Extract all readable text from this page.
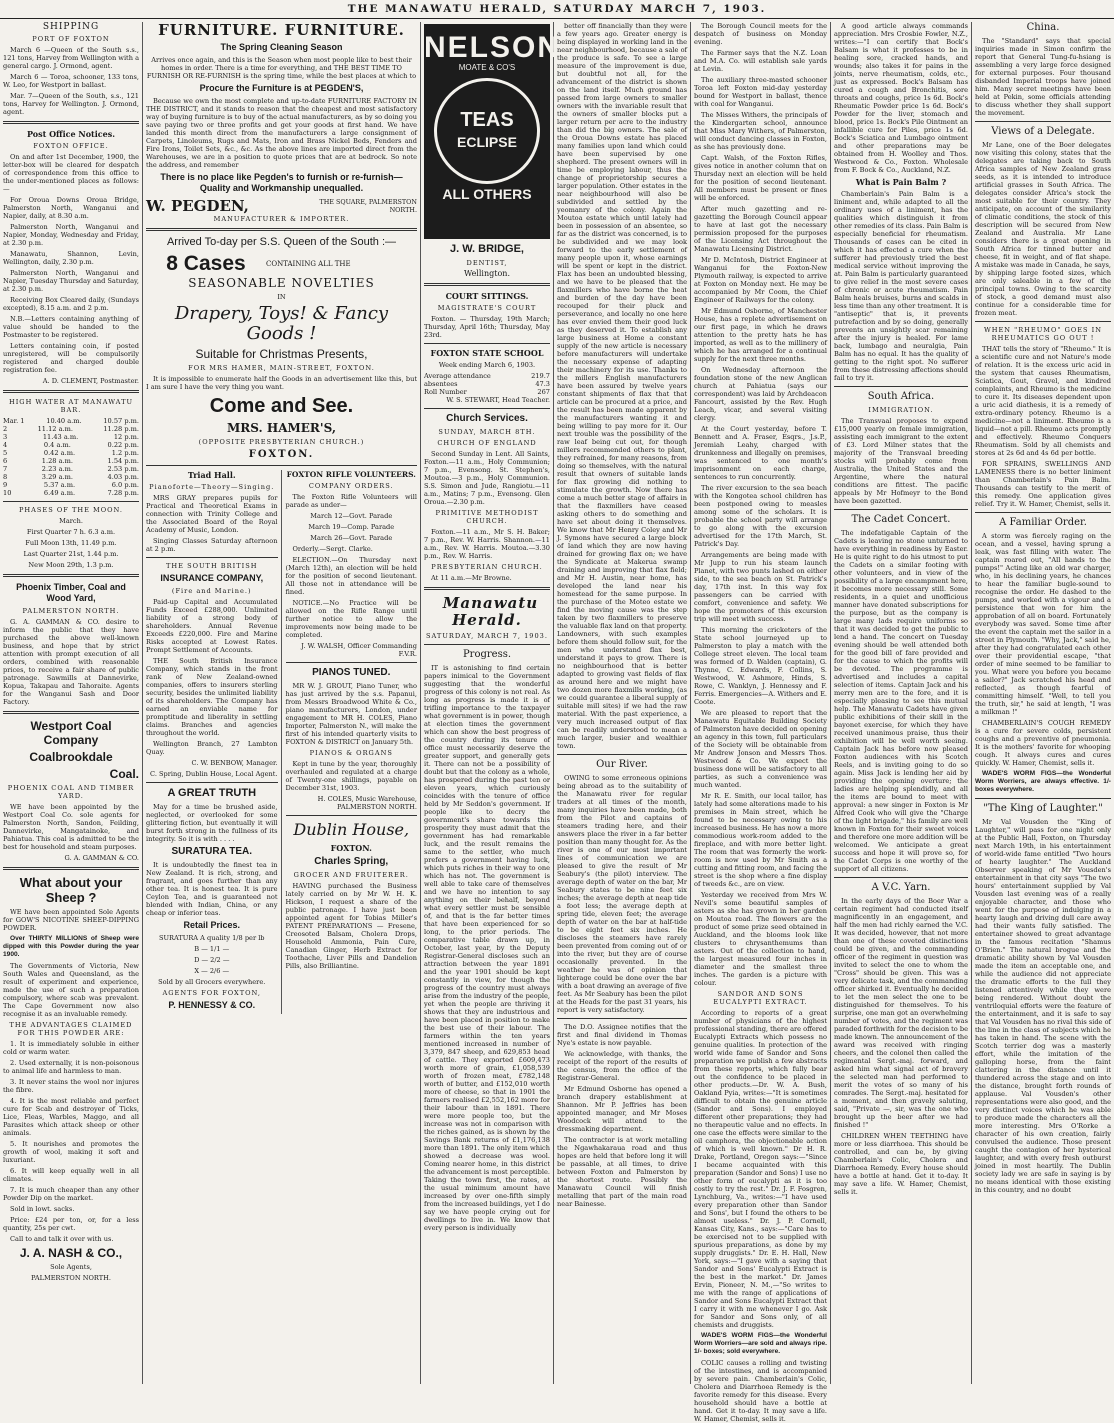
THE MANAWATU HERALD, SATURDAY MARCH 7, 1903.

SHIPPING

PORT OF FOXTON

March 6 —Queen of the South s.s., 121 tons, Harvey from Wellington with a general cargo. J. Ormond, agent.

March 6 — Toroa, schooner, 133 tons, W. Leo, for Westport in ballast.

Mar. 7—Queen of the South, s.s., 121 tons, Harvey for Wellington. J. Ormond, agent.

Post Office Notices.

FOXTON OFFICE.

On and after 1st December, 1900, the letter-box will be cleared for despatch of correspondence from this office to the under-mentioned places as follows:—

For Oroua Downs Oroua Bridge, Palmerston North, Wanganui and Napier, daily, at 8.30 a.m.

Palmerston North, Wanganui and Napier, Monday, Wednesday and Friday, at 2.30 p.m.

Manawatu, Shannon, Levin, Wellington, daily, 2.30 p.m.

Palmerston North, Wanganui and Napier, Tuesday Thursday and Saturday, at 2.30 p.m.

Receiving Box Cleared daily, (Sundays excepted), 8.15 a.m. and 2 p.m.

N.B.—Letters containing anything of value should be handed to the Postmaster to be registered.

Letters containing coin, if posted unregistered, will be compulsorily registered and charged double registration fee.

A. D. CLEMENT, Postmaster.

HIGH WATER AT MANAWATU BAR.

Mar. 1	10.40 a.m.	10.57 p.m.
2	11.12 a.m.	11.28 p.m.
3	11.43 a.m.	12 p.m.
4	0.4 a.m.	0.22 p.m.
5	0.42 a.m.	1.2 p.m.
6	1.28 a.m.	1.54 p.m.
7	2.23 a.m.	2.53 p.m.
8	3.29 a.m.	4.03 p.m.
9	5.37 a.m.	6.0 p.m.
10	6.49 a.m.	7.28 p.m.

PHASES OF THE MOON.

March.

First Quarter 7 h. 6.3 a.m.

Full Moon 13th, 11.49 p.m.

Last Quarter 21st, 1.44 p.m.

New Moon 29th, 1.3 p.m.

Phoenix Timber, Coal and Wood Yard,

PALMERSTON NORTH.

G. A. GAMMAN & CO. desire to inform the public that they have purchased the above well-known business, and hope that by strict attention with prompt execution of all orders, combined with reasonable prices, to receive a fair share of public patronage. Sawmills at Dannevirke, Kopua, Takapau and Tahoraite. Agents for the Wanganui Sash and Door Factory.

Westport Coal Company

Coalbrookdale

Coal.

PHOENIX COAL AND TIMBER YARD.

WE have been appointed by the Westport Coal Co. sole agents for Palmerston North, Sandon, Feilding, Dannevirke, Mangatainoke, and Pahiatua. This coal is admitted to be the best for household and steam purposes.

G. A. GAMMAN & CO.

What about your Sheep ?

WE have been appointed Sole Agents for GOW'S NICOTINE SHEEP-DIPPING POWDER.

Over THIRTY MILLIONS of Sheep were dipped with this Powder during the year 1900.

The Governments of Victoria, New South Wales and Queensland, as the result of experiment and experience, made the use of such a preparation compulsory, where scab was prevalent. The Cape Government now also recognise it as an invaluable remedy.

THE ADVANTAGES CLAIMED FOR THIS POWDER ARE:

1. It is immediately soluble in either cold or warm water.

2. Used externally, it is non-poisonous to animal life and harmless to man.

3. It never stains the wool nor injures the fibre.

4. It is the most reliable and perfect cure for Scab and destroyer of Ticks, Lice, Fleas, Warbles, Maggo, and all Parasites which attack sheep or other animals.

5. It nourishes and promotes the growth of wool, making it soft and luxuriant.

6. It will keep equally well in all climates.

7. It is much cheaper than any other Powder Dip on the market.

Sold in lowt. sacks.

Price: £24 per ton, or, for a less quantity, 25s per cwt.

Call to and talk it over with us.

J. A. NASH & CO.,

Sole Agents,

PALMERSTON NORTH.

FURNITURE. FURNITURE.

The Spring Cleaning Season

Arrives once again, and this is the Season when most people like to best their homes in order. There is a time for everything, and THE BEST TIME TO FURNISH OR RE-FURNISH is the spring time, while the best places at which to

Procure the Furniture is at PEGDEN'S,

Because we own the most complete and up-to-date FURNITURE FACTORY IN THE DISTRICT, and it stands to reason that the cheapest and most satisfactory way of buying furniture is to buy of the actual manufacturers, as by so doing you save paying two or three profits and get your goods at first hand. We have landed this month direct from the manufacturers a large consignment of Carpets, Linoleums, Rugs and Mats, Iron and Brass Nickel Beds, Fenders and Fire Irons, Toilet Sets, &c., &c. As the above lines are imported direct from the Warehouses, we are in a position to quote prices that are at bedrock. So note the address, and remember

There is no place like Pegden's to furnish or re-furnish—Quality and Workmanship unequalled.

W. PEGDEN,	THE SQUARE, PALMERSTON NORTH.

MANUFACTURER & IMPORTER.

Arrived To-day per S.S. Queen of the South :—

8 Cases	CONTAINING ALL THE

SEASONABLE NOVELTIES

IN

Drapery, Toys! & Fancy Goods !

Suitable for Christmas Presents,

FOR MRS HAMER, MAIN-STREET, FOXTON.

It is impossible to enumerate half the Goods in an advertisement like this, but I am sure I have the very thing you want.

Come and See.

MRS. HAMER'S,

(OPPOSITE PRESBYTERIAN CHURCH.)

FOXTON.

Triad Hall.

Pianoforte—Theory—Singing.

MRS GRAY prepares pupils for Practical and Theoretical Exams in connection with Trinity College and the Associated Board of the Royal Academy of Music, London.

Singing Classes Saturday afternoon at 2 p.m.

THE SOUTH BRITISH

INSURANCE COMPANY,

(Fire and Marine.)

Paid-up Capital and Accumulated Funds Exceed £288,000. Unlimited liability of a strong body of shareholders. Annual Revenue Exceeds £220,000. Fire and Marine Risks accepted at Lowest Rates. Prompt Settlement of Accounts.

THE South British Insurance Company, which stands in the front rank of New Zealand-owned companies, offers to insurers sterling security, besides the unlimited liability of its shareholders. The Company has earned an enviable name for promptitude and liberality in settling claims. Branches and agencies throughout the world.

Wellington Branch, 27 Lambton Quay.

C. W. BENBOW, Manager.

C. Spring, Dublin House, Local Agent.

A GREAT TRUTH

May for a time be brushed aside, neglected, or overlooked for some glittering fiction, but eventually it will burst forth strong in the fullness of its integrity. So it is with . . . .

SURATURA TEA.

It is undoubtedly the finest tea in New Zealand. It is rich, strong, and fragrant, and goes further than any other tea. It is honest tea. It is pure Ceylon Tea, and is guaranteed not blended with Indian, China, or any cheap or inferior teas.

Retail Prices.

SURATURA A quality 1/8 per lb

B — 1/1 —

D — 2/2 —

X — 2/6 —

Sold by all Grocers everywhere.

AGENTS FOR FOXTON,

P. HENNESSY & CO.

FOXTON RIFLE VOLUNTEERS.

COMPANY ORDERS.

The Foxton Rifle Volunteers will parade as under—

March 12—Govt. Parade

March 19—Comp. Parade

March 26—Govt. Parade

Orderly.—Sergt. Clarke.

ELECTION.—On Thursday next (March 12th), an election will be held for the position of second lieutenant. All those not in attendance will be fined.

NOTICE.—No Practice will be allowed on the Rifle Range until further notice to allow the improvements now being made to be completed.

J. W. WALSH, Officer Commanding F.V.R.

PIANOS TUNED.

MR W. J. GROUT, Piano Tuner, who has just arrived by the s.s. Papanui, from Messrs Broadwood White & Co., piano manufacturers, London, under engagement to MR H. COLES, Piano Importer, Palmerston N., will make the first of his intended quarterly visits to FOXTON & DISTRICT on January 5th.

PIANOS & ORGANS

Kept in tune by the year, thoroughly overhauled and regulated at a charge of Twenty-one shillings, payable on December 31st, 1903.

H. COLES, Music Warehouse, PALMERSTON NORTH.

Dublin House,

FOXTON.

Charles Spring,

GROCER AND FRUITERER.

HAVING purchased the Business lately carried on by Mr W. H. K. Hickson, I request a share of the public patronage. I have just been appointed agent for Tobias Miller's PATENT PREPARATIONS — Fresene, Creosoted Balsam, Cholera Drops, Household Ammonia, Pain Cure, Canadian Ginger, Herb Extract for Toothache, Liver Pills and Dandelion Pills, also Brilliantine.

NELSON
MOATE & CO'S
TEAS
ECLIPSE
ALL OTHERS

J. W. BRIDGE,

DENTIST,

Wellington.

COURT SITTINGS.

MAGISTRATE'S COURT

Foxton. — Thursday, 19th March; Thursday, April 16th; Thursday, May 23rd.

FOXTON STATE SCHOOL

Week ending March 6, 1903.

Average attendance	219.7
absentees	47.3
Roll Number	267

W. S. STEWART, Head Teacher.

Church Services.

SUNDAY, MARCH 8TH.

CHURCH OF ENGLAND

Second Sunday in Lent. All Saints, Foxton.—11 a.m., Holy Communion; 7 p.m., Evensong. St. Stephen's, Moutoa.—3 p.m., Holy Communion. S.S. Simon and Jude, Rangiotu.—11 a.m., Matins; 7 p.m., Evensong. Glen Oroua.—2.30 p.m.

PRIMITIVE METHODIST CHURCH.

Foxton.—11 a.m., Mr S. H. Baker; 7 p.m., Rev. W. Harris. Shannon.—11 a.m., Rev. W. Harris. Moutoa.—3.30 p.m., Rev. W. Harris.

PRESBYTERIAN CHURCH.

At 11 a.m.—Mr Browne.

Manawatu Herald.

SATURDAY, MARCH 7, 1903.

Progress.

IT is astonishing to find certain papers inimical to the Government suggesting that the wonderful progress of this colony is not real. As long as progress is made it is of trifling importance to the taxpayer what government is in power, though at election times the government which can show the best progress of the country during its tenure of office must necessarily deserve the greater support, and generally gets it. There can not be a possibility of doubt but that the colony as a whole, has prospered during the past ten or eleven years, which curiously coincides with the tenure of office held by Mr Seddon's government. If people like to decry the government's share towards this prosperity they must admit that the government has had remarkable luck, and the result remains the same to the settler, who much prefers a government having luck, which puts riches in their way to one which has not. The government is well able to take care of themselves and we have no intention to say anything on their behalf, beyond what every settler must be sensible of, and that is the far better times that have been experienced for so long, to the prior periods. The comparative table drawn up, in October, last year, by the Deputy Registrar-General discloses such an attraction between the year 1891 and the year 1901 should be kept constantly in view, for though the progress of the country must always arise from the industry of the people, yet when the people are thriving it shows that they are industrious and have been placed in position to make the best use of their labour. The farmers within the ten years mentioned increased in number of 3,379, 847 sheep, and 629,853 head of cattle. They exported £609,473 worth more of grain, £1,058,539 worth of frozen meat, £782,148 worth of butter, and £152,010 worth more of cheese, so that in 1901 the farmers realised £2,552,162 more for their labour than in 1891. There were more people too, but the increase was not in comparison with the riches gained, as is shown by the Savings Bank returns of £1,176,138 more than 1891. The only item which showed a decrease was wool. Coming nearer home, in this district the advancement is most perceptible. Taking the town first, the rates, at the usual minimum amount have increased by over one-fifth simply from the increased buildings, yet I do say we have people crying out for dwellings to live in. We know that every person is individually

better off financially than they were a few years ago. Greater energy is being displayed in working land in the near neighbourhood, because a sale of the produce is safe. To see a large measure of the improvement is due, but doubtful not all, for the advancement of the district is shown on the land itself. Much ground has passed from large owners to smaller owners with the invariable result that the owners of smaller blocks put a larger return per acre to the industry than did the big owners. The sale of the Oroua Downs estate has placed many families upon land which could have been supervised by one shepherd. The present owners will in time be employing labour, thus the change of proprietorship secures a larger population. Other estates in the near neighbourhood will also be subdivided and settled by the yeomanry of the colony. Again the Moutoa estate which until lately had been in possession of an absentee, so far as the district was concerned, is to be subdivided and we may look forward to the early settlement of many people upon it, whose earnings will be spent or kept in the district. Flax has been an undoubted blessing, and we have to be pleased that the flaxmillers who have borne the heat and burden of the day have been recouped for their pluck and perseverance, and locally no one here has ever envied them their good luck as they deserved it. To establish any large business at Home a constant supply of the new article is necessary before manufacturers will undertake the necessary expense of adapting their machinery for its use. Thanks to the millers English manufacturers have been assured by twelve years constant shipments of flax that that article can be procured at a price, and the result has been made apparent by the manufacturers wanting it and being willing to pay more for it. Our next trouble was the possibility of the raw leaf being cut out, for though millers recommended others to plant, they refrained, for many reasons, from doing so themselves, with the natural result that owners of suitable lands for flax growing did nothing to stimulate the growth. Now there has come a much better stage of affairs in that the flaxmillers have ceased asking others to do something and have set about doing it themselves. We know that Mr Henry Coley and Mr J. Symons have secured a large block of land which they are now having drained for growing flax on; we have the Syndicate at Makerua swamp draining and improving that flax field; and Mr H. Austin, near home, has developed the land near his homestead for the same purpose. In the purchase of the Moteo estate we find the moving cause was the step taken by two flaxmillers to preserve the valuable flax land on that property. Landowners, with such examples before them should follow suit, for the men who understand flax best, understand it pays to grow. There is no neighbourhood that is better adapted to growing vast fields of flax as around here and we might have two dozen more flaxmills working, (as we could guarantee a liberal supply of suitable mill sites) if we had the raw material. With the past experience, a very much increased output of flax can be readily understood to mean a much larger, busier and wealthier town.

Our River.

OWING to some erroneous opinions being abroad as to the suitability of the Manawatu river for regular traders at all times of the month, many inquiries have been made, both from the Pilot and captains of steamers trading here, and their answers place the river in a far better position than many thought for. As the river is one of our most important lines of communication we are pleased to give the result of Mr Seabury's (the pilot) interview. The average depth of water on the bar, Mr Seabury states to be nine feet six inches; the average depth at neap tide a foot less; the average depth at spring tide, eleven feet; the average depth of water on the bar at half-tide to be eight feet six inches. He discloses the steamers have rarely been prevented from coming out of or into the river, but they are of course occasionally prevented. In the weather he was of opinion that lighterage could be done over the bar with a boat drawing an average of five feet. As Mr Seabury has been the pilot at the Heads for the past 31 years, his report is very satisfactory.

The D.O. Assignee notifies that the first and final dividend in Thomas Nye's estate is now payable.

We acknowledge, with thanks, the receipt of the report of the results of the census, from the office of the Registrar-General.

Mr Edmund Osborne has opened a branch drapery establishment at Shannon. Mr P. Jeffries has been appointed manager, and Mr Moses Woodcock will attend to the dressmaking department.

The contractor is at work metalling the Ngawhakaraua road and thus hopes are held that before long it will be passable, at all times, to drive between Foxton and Palmerston by the shortest route. Possibly the Manawatu Council will finish metalling that part of the main road near Bainesse.

The Borough Council meets for the despatch of business on Monday evening.

The Farmer says that the N.Z. Loan and M.A. Co. will establish sale yards at Levin.

The auxiliary three-masted schooner Toroa left Foxton mid-day yesterday bound for Westport in ballast, thence with coal for Wanganui.

The Misses Withers, the principals of the Kindergarten school, announce that Miss Mary Withers, of Palmerston, will conduct dancing classes in Foxton, as she has previously done.

Capt. Walsh, of the Foxton Rifles, gives notice in another column that on Thursday next an election will be held for the position of second lieutenant. All members must be present or fines will be enforced.

After much gazetting and re-gazetting the Borough Council appear to have at last got the necessary permission proposed for the purposes of the Licensing Act throughout the Manawatu Licensing District.

Mr D. McIntosh, District Engineer at Wanganui for the Foxton-New Plymouth railway, is expected to arrive at Foxton on Monday next. He may be accompanied by Mr Coom, the Chief Engineer of Railways for the colony.

Mr Edmund Osborne, of Manchester House, has a replete advertisement on our first page, in which he draws attention to the pretty hats he has imported, as well as to the millinery of which he has arranged for a continual supply for the next three months.

On Wednesday afternoon the foundation stone of the new Anglican church at Pahiatua (says our correspondent) was laid by Archdeacon Fancourt, assisted by the Rev. Hugh Leach, vicar, and several visiting clergy.

At the Court yesterday, before T. Bennett and A. Fraser, Esqrs., J.s.P., Jeremiah Leahy, charged with drunkenness and illegally on premises, was sentenced to one month's imprisonment on each charge, sentences to run concurrently.

The river excursion to the sea beach with the Kongotea school children has been postponed owing to measles among some of the scholars. It is probable the school party will arrange to go along with the excursion advertised for the 17th March, St. Patrick's Day.

Arrangements are being made with Mr Jupp to run his steam launch Planet, with two punts lashed on either side, to the sea beach on St. Patrick's day, 17th inst. In this way fox passengers can be carried with comfort, convenience and safety. We hope the promoters of this excursion trip will meet with success.

This morning the cricketers of the State school journeyed up to Palmerston to play a match with the College street eleven. The local team was formed of D. Walden (captain), G. Thynne, C. Edwards, F. Collins, S. Westwood, W. Ashmore, Hinds, S. Rowe, C. Wanklyn, J. Hennessy and F. Ferris. Emergencies—A. Withers and E. Coote.

We are pleased to report that the Manawatu Equitable Building Society of Palmerston have decided on opening an agency in this town, full particulars of the Society will be obtainable from Mr Andrew Jonson and Messrs Thos. Westwood & Co. We expect the business done will be satisfactory to all parties, as such a convenience was much wanted.

Mr R. E. Smith, our local tailor, has lately had some alterations made to his premises in Main street, which he found to be necessary owing to his increased business. He has now a more commodious work-room added to the fireplace, and with more better light. The room that was formerly the work-room is now used by Mr Smith as a cutting and fitting room, and facing the street is the shop where a fine display of tweeds &c., are on view.

Yesterday we received from Mrs W. Nevil's some beautiful samples of asters as she has grown in her garden on Moutoa road. The flowers are the product of some prize seed obtained in Auckland, and the blooms look like clusters to chrysanthemums than asters. Out of the collection to hand, the largest measured four inches in diameter and the smallest three inches. The garden is a picture with colour.

SANDOR AND SONS EUCALYPTI EXTRACT.

According to reports of a great number of physicians of the highest professional standing, there are offered Eucalypti Extracts which possess no genuine qualities. In protection of the world wide fame of Sandor and Sons preparation we publish a few abstracts from these reports, which fully bear out the confidence to be placed in other products.—Dr. W. A. Bush, Oakland Pyia, writes:—"It is sometimes difficult to obtain the genuine article (Sandor and Sons). I employed different other preparations; they had no therapeutic value and no effects. In one case the effects were similar to the oil camphora, the objectionable action of which is well known." Dr H. R. Drake, Portland, Oregon says:—"Since I became acquainted with this preparation (Sandor and Sons) I use no other form of eucalypti as it is too costly to try the rest." Dr. J. F. Fosgren, Lynchburg, Va., writes:—"I have used every preparation other than Sandor and Sons', but I found the others to be almost useless." Dr. J. P. Cornell, Kansas City, Kans., says:—"Care has to be exercised not to be supplied with spurious preparations, as done by my supply druggists." Dr. E. H. Hall, New York, says:—"I gave with a saying that Sandor and Sons' Eucalypti Extract is the best in the market." Dr. James Ervin, Pioneer, N. M.,—"So writes to me with the range of applications of Sandor and Sons Eucalypti Extract that I carry it with me whenever I go. Ask for Sandor and Sons only, of all chemists and druggists.

WADE'S WORM FIGS—the Wonderful Worm Worriers—are sold and always ripe. 1/- boxes; sold everywhere.

COLIC causes a rolling and twisting of the intestines, and is accompanied by severe pain. Chamberlain's Colic, Cholera and Diarrhoea Remedy is the favorite remedy for this disease. Every household should have a bottle at hand. Get it to-day. It may save a life. W. Hamer, Chemist, sells it.

A good article always commands appreciation. Mrs Crosbie Fowler, N.Z., writes:—"I can certify that Bock's Balsam is what it professes to be in healing sore, cracked hands, and wounds; also takes it for pains in the joints, nerve rheumatism, colds, etc., just as expressed. Bock's Balsam has cured a cough and Bronchitis, sore throats and coughs, price 1s 6d. Bock's Rheumatic Powder price 1s 6d. Bock's Powder for the liver, stomach and blood, price 1s. Bock's Pile Ointment an infallible cure for Piles, price 1s 6d. Bock's Sciatica and Lumbago ointment and other preparations may be obtained from H. Woolley and Thos. Westwood & Co., Foxton. Wholesale from F. Bock & Co., Auckland, N.Z.

What is Pain Balm ?

Chamberlain's Pain Balm is a liniment and, while adapted to all the ordinary uses of a liniment, has the qualities which distinguish it from other remedies of its class. Pain Balm is especially beneficial for rheumatism. Thousands of cases can be cited in which it has effected a cure when the sufferer had previously tried the best medical service without improving the at. Pain Balm is particularly guaranteed to give relief in the most severe cases of chronic or acute rheumatism. Pain Balm heals bruises, burns and scalds in less time than any other treatment. It is "antiseptic" that is, it prevents putrefaction and by so doing, generally prevents an unsightly scar remaining after the injury is healed. For lame back, lumbago and neuralgia, Pain Balm has no equal. It has the quality of getting to the right spot. No sufferer from these distressing affections should fail to try it.

South Africa.

IMMIGRATION.

The Transvaal proposes to expend £15,000 yearly on female immigration, assisting each immigrant to the extent of £3. Lord Milner states that the majority of the Transvaal breeding stocks will probably come from Australia, the United States and the Argentine, where the natural conditions are fittest. The pacific appeals by Mr Hofmeyr to the Bond have been gazetted.

The Cadet Concert.

The indefatigable Captain of the Cadets is leaving no stone unturned to have everything in readiness by Easter. He is quite right to do his utmost to put the Cadets on a similar footing with other volunteers, and in view of the possibility of a large encampment here, it becomes more necessary still. Some residents, in a quiet and unofficious manner have donated subscriptions for the purpose, but as the company is large many lads require uniforms so that it was decided to get the public to lend a hand. The concert on Tuesday evening should be well attended both for the good bill of fare provided and for the cause to which the profits will be devoted. The programme is advertised and includes a capital selection of items. Captain Jack and his merry men are to the fore, and it is especially pleasing to see this mutual help. The Manawatu Cadets have given public exhibitions of their skill in the bayonet exercise, for which they have received unanimous praise, thus their exhibition will be well worth seeing. Captain Jack has before now pleased Foxton audiences with his Scotch Reels, and is inviting going to do so again. Miss Jack is lending her aid by providing the opening overture; the ladies are helping splendidly, and all the items are bound to meet with approval: a new singer in Foxton is Mr Alfred Cook who will give the "Charge of the light brigade," his family are well known in Foxton for their sweet voices and therefore one more addition will be welcomed. We anticipate a great success and hope it will prove so, for the Cadet Corps is one worthy of the support of all citizens.

A V.C. Yarn.

In the early days of the Boer War a certain regiment had conducted itself magnificently in an engagement, and half the men had richly earned the V.C. It was decided, however, that not more than one of these coveted distinctions could be given, and the commanding officer of the regiment in question was invited to select the one to whom the "Cross" should be given. This was a very delicate task, and the commanding officer shirked it. Eventually he decided to let the men select the one to be distinguished for themselves. To his surprise, one man got an overwhelming number of votes, and the regiment was paraded forthwith for the decision to be made known. The announcement of the award was received with ringing cheers, and the colonel then called the regimental Sergt.-maj. forward, and asked him what signal act of bravery the selected man had performed to merit the votes of so many of his comrades. The Sergt.-maj. hesitated for a moment, and then gravely saluting, said, "Private —, sir, was the one who brought up the beer after we had finished !"

CHILDREN WHEN TEETHING have more or less diarrhoea. This should be controlled, and can be, by giving Chamberlain's Colic, Cholera and Diarrhoea Remedy. Every house should have a bottle at hand. Get it to-day. It may save a life. W. Hamer, Chemist, sells it.

China.

The "Standard" says that special inquiries made in Simon confirm the report that General Tung-fu-hsiang is assembling a very large force designed for external purposes. Four thousand disbanded Imperial troops have joined him. Many secret meetings have been held at Pekin, some officials attending to discuss whether they shall support the movement.

Views of a Delegate.

Mr Lane, one of the Boer delegates now visiting this colony, states that the delegates are taking back to South Africa samples of New Zealand grass seeds, as it is intended to introduce artificial grasses in South Africa. The delegates consider Africa's stock the most suitable for their country. They anticipate, on account of the similarity of climatic conditions, the stock of this description will be secured from New Zealand and Australia. Mr Lane considers there is a great opening in South Africa for tinned butter and cheese, fit in weight, and of flat shape. A mistake was made in Canada, he says, by shipping large footed sizes, which are only saleable in a few of the principal towns. Owing to the scarcity of stock, a good demand must also continue for a considerable time for frozen meat.

WHEN "RHEUMO" GOES IN RHEUMATICS GO OUT !

THAT tells the story of "Rheumo." It is a scientific cure and not Nature's mode of relation. It is the excess uric acid in the system that causes Rheumatism, Sciatica, Gout, Gravel, and kindred complaints, and Rheumo is the medicine to cure it. Its diseases dependent upon a uric acid diathesis, it is a remedy of extra-ordinary potency. Rheumo is a medicine—not a liniment. Rheumo is a liquid—not a pill. Rheumo acts promptly and effectively. Rheumo Conquers Rheumatism. Sold by all chemists and stores at 2s 6d and 4s 6d per bottle.

FOR SPRAINS, SWELLINGS AND LAMENESS there is no better liniment than Chamberlain's Pain Balm. Thousands can testify to the merit of this remedy. One application gives relief. Try it. W. Hamer, Chemist, sells it.

A Familiar Order.

A storm was fiercely raging on the ocean, and a vessel, having sprung a leak, was fast filling with water. The captain roared out, "All hands to the pumps!" Acting like an old war charger, who, in his declining years, he chances to hear the familiar bugle-sound to recognise the order. He dashed to the pumps, and worked with a vigour and a persistence that won for him the approbation of all on board. Fortunately everybody was saved. Some time after the event the captain met the sailor in a street in Plymouth. "Why, Jack," said he, after they had congratulated each other over their providential escape, "that order of mine seemed to be familiar to you. What were you before you became a sailor?" Jack scratched his head and reflected, as though fearful of committing himself. "Well, to tell you the truth, sir," he said at length, "I was a milkman !"

CHAMBERLAIN'S COUGH REMEDY is a cure for severe colds, persistent coughs and a preventive of pneumonia. It is the mothers' favorite for whooping cough. It always cures and cures quickly. W. Hamer, Chemist, sells it.

WADE'S WORM FIGS—the Wonderful Worm Worriers, are always effective. 1/- boxes everywhere.

"The King of Laughter."

Mr Val Vousden the "King of Laughter," will pass for one night only at the Public Hall, Foxton, on Thursday next March 19th, in his entertainment of world-wide fame entitled "Two hours of hearty laughter." The Auckland Observer speaking of Mr Vousden's entertainment in that city says "The two hours' entertainment supplied by Val Vousden last evening was of a really enjoyable character, and those who went for the purpose of indulging in a hearty laugh and driving dull care away had their wants fully satisfied. The entertainer showed to great advantage in the famous recitation "Shamus O'Brien." The natural brogue and the dramatic ability shown by Val Vousden made the item an acceptable one, and while the audience did not appreciate the dramatic efforts to the full they listened attentively while they were being rendered. Without doubt the ventriloquial efforts were the feature of the entertainment, and it is safe to say that Val Vousden has no rival this side of the line in the class of subjects which he has taken in hand. The scene with the Scotch terrier dog was a masterly effort, while the imitation of the galloping horse, from the faint clattering in the distance until it thundered across the stage and on into the distance, brought forth rounds of applause. Val Vousden's other representations were also good, and the very distinct voices which he was able to produce made the characters all the more interesting. Mrs O'Rorke a character of his own creation, fairly convulsed the audience. Those present caught the contagion of her hysterical laughter, and with every fresh outburst joined in most heartily. The Dublin society lady we are safe in saying is by no means identical with those existing in this country, and no doubt
